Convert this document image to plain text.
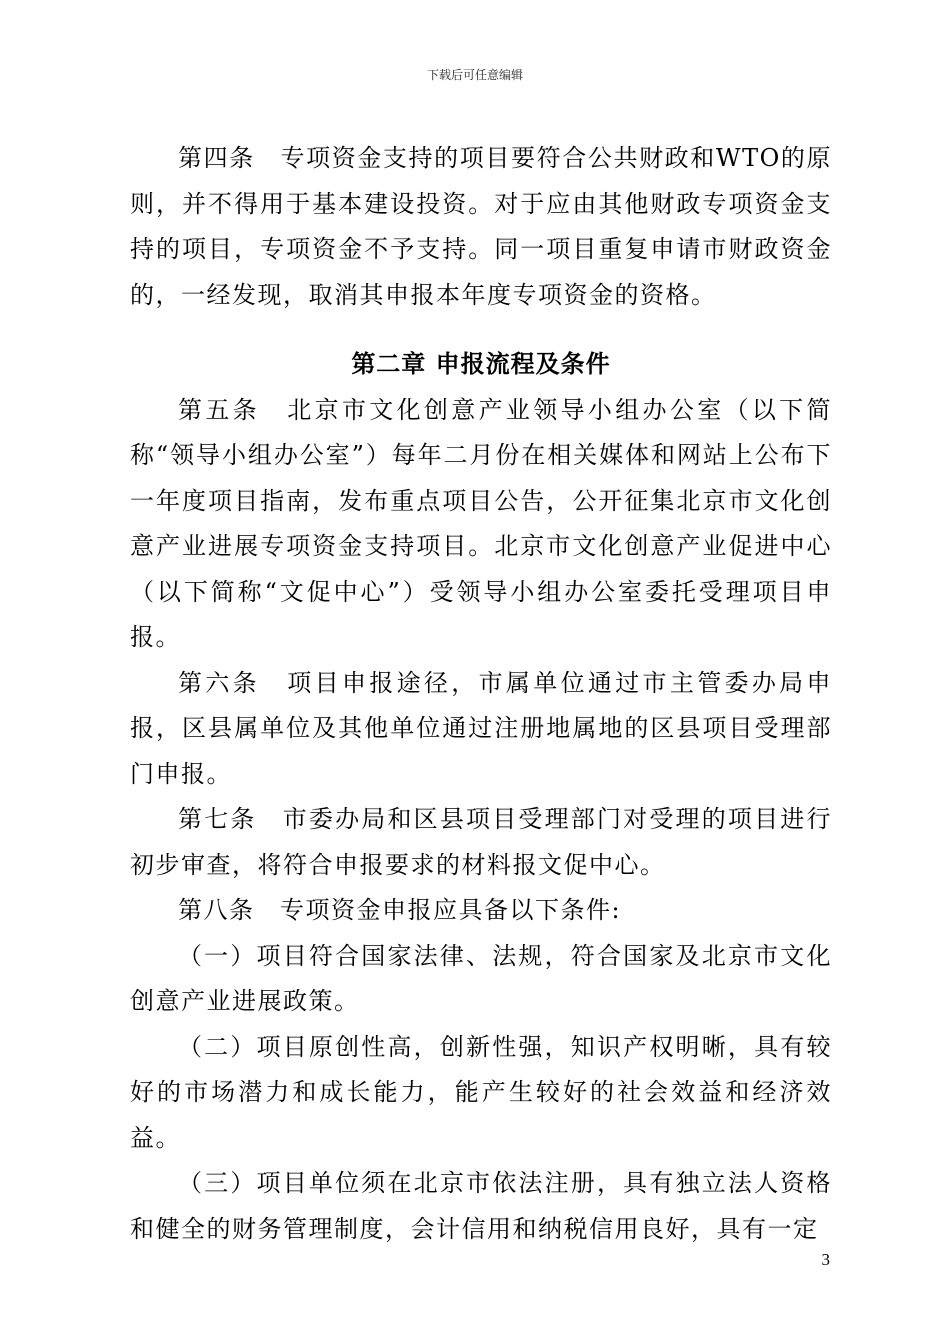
下载后可任意编辑

第四条　专项资金支持的项目要符合公共财政和WTO的原则，并不得用于基本建设投资。对于应由其他财政专项资金支持的项目，专项资金不予支持。同一项目重复申请市财政资金的，一经发现，取消其申报本年度专项资金的资格。

第二章 申报流程及条件

第五条　北京市文化创意产业领导小组办公室（以下简称“领导小组办公室”）每年二月份在相关媒体和网站上公布下一年度项目指南，发布重点项目公告，公开征集北京市文化创意产业进展专项资金支持项目。北京市文化创意产业促进中心（以下简称“文促中心”）受领导小组办公室委托受理项目申报。

第六条　项目申报途径，市属单位通过市主管委办局申报，区县属单位及其他单位通过注册地属地的区县项目受理部门申报。

第七条　市委办局和区县项目受理部门对受理的项目进行初步审查，将符合申报要求的材料报文促中心。

第八条　专项资金申报应具备以下条件:

（一）项目符合国家法律、法规，符合国家及北京市文化创意产业进展政策。

（二）项目原创性高，创新性强，知识产权明晰，具有较好的市场潜力和成长能力，能产生较好的社会效益和经济效益。

（三）项目单位须在北京市依法注册，具有独立法人资格和健全的财务管理制度，会计信用和纳税信用良好，具有一定

3
